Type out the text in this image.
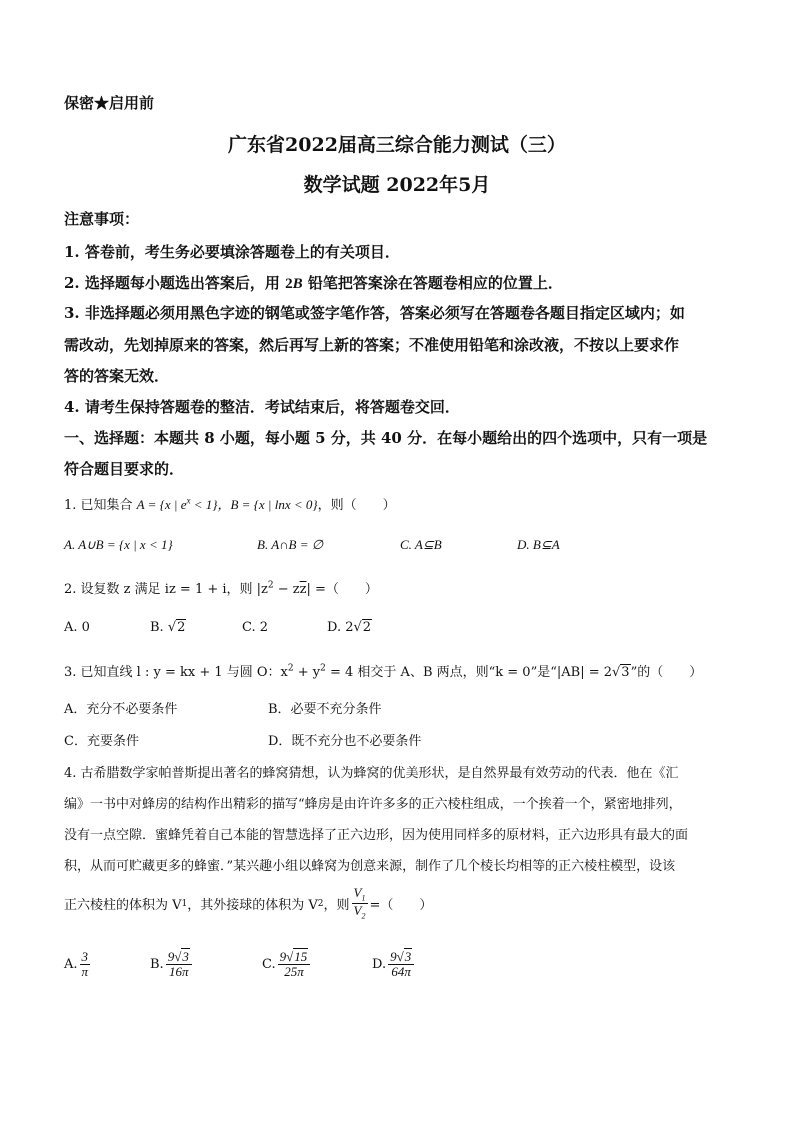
保密★启用前
广东省2022届高三综合能力测试（三）
数学试题 2022年5月
注意事项：
1. 答卷前，考生务必要填涂答题卷上的有关项目．
2. 选择题每小题选出答案后，用 2B 铅笔把答案涂在答题卷相应的位置上．
3. 非选择题必须用黑色字迹的钢笔或签字笔作答，答案必须写在答题卷各题目指定区域内；如
需改动，先划掉原来的答案，然后再写上新的答案；不准使用铅笔和涂改液，不按以上要求作
答的答案无效．
4. 请考生保持答题卷的整洁．考试结束后，将答题卷交回．
一、选择题：本题共 8 小题，每小题 5 分，共 40 分．在每小题给出的四个选项中，只有一项是
符合题目要求的．
1. 已知集合 A = {x | $e^x < 1$}，B = {x | lnx < 0}，则（　　）
A. A∪B = {x | x < 1}	B. A∩B = ∅	C. A⊆B	D. B⊆A
2. 设复数 z 满足 iz = 1 + i，则 $|z^2 - z\overline{z}|$ =（　　）
A. 0	B. √2	C. 2	D. 2√2
3. 已知直线 l : y = kx + 1 与圆 O：$x^2 + y^2 = 4$ 相交于 A、B 两点，则“k = 0”是“|AB| = 2√3”的（　　）
A．充分不必要条件	B．必要不充分条件
C．充要条件	D．既不充分也不必要条件
4. 古希腊数学家帕普斯提出著名的蜂窝猜想，认为蜂窝的优美形状，是自然界最有效劳动的代表．他在《汇
编》一书中对蜂房的结构作出精彩的描写“蜂房是由许许多多的正六棱柱组成，一个挨着一个，紧密地排列，
没有一点空隙．蜜蜂凭着自己本能的智慧选择了正六边形，因为使用同样多的原材料，正六边形具有最大的面
积，从而可贮藏更多的蜂蜜．”某兴趣小组以蜂窝为创意来源，制作了几个棱长均相等的正六棱柱模型，设该
正六棱柱的体积为 V 1 ，其外接球的体积为 V 2 ，则 $\frac{V_1}{V_2}$ =（　　）
A. $\frac{3}{\pi}$	B. $\frac{9√3}{16\pi}$	C. $\frac{9√15}{25\pi}$	D. $\frac{9√3}{64\pi}$
